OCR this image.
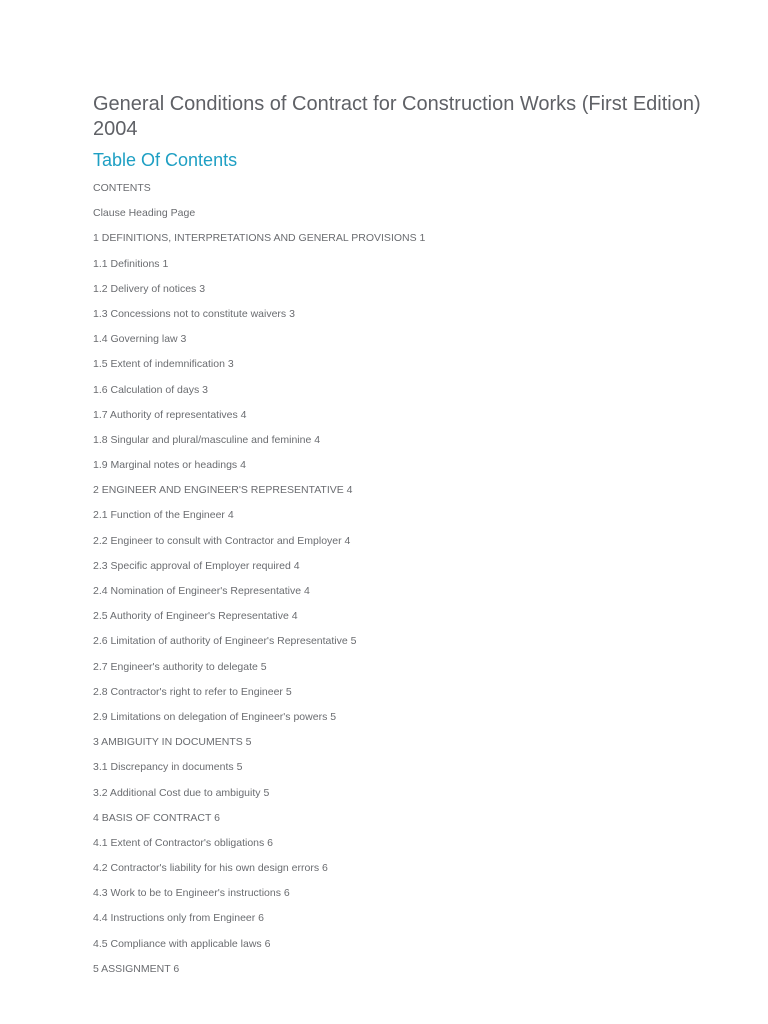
General Conditions of Contract for Construction Works (First Edition) 2004
Table Of Contents
CONTENTS
Clause Heading Page
1 DEFINITIONS, INTERPRETATIONS AND GENERAL PROVISIONS 1
1.1 Definitions 1
1.2 Delivery of notices 3
1.3 Concessions not to constitute waivers 3
1.4 Governing law 3
1.5 Extent of indemnification 3
1.6 Calculation of days 3
1.7 Authority of representatives 4
1.8 Singular and plural/masculine and feminine 4
1.9 Marginal notes or headings 4
2 ENGINEER AND ENGINEER'S REPRESENTATIVE 4
2.1 Function of the Engineer 4
2.2 Engineer to consult with Contractor and Employer 4
2.3 Specific approval of Employer required 4
2.4 Nomination of Engineer's Representative 4
2.5 Authority of Engineer's Representative 4
2.6 Limitation of authority of Engineer's Representative 5
2.7 Engineer's authority to delegate 5
2.8 Contractor's right to refer to Engineer 5
2.9 Limitations on delegation of Engineer's powers 5
3 AMBIGUITY IN DOCUMENTS 5
3.1 Discrepancy in documents 5
3.2 Additional Cost due to ambiguity 5
4 BASIS OF CONTRACT 6
4.1 Extent of Contractor's obligations 6
4.2 Contractor's liability for his own design errors 6
4.3 Work to be to Engineer's instructions 6
4.4 Instructions only from Engineer 6
4.5 Compliance with applicable laws 6
5 ASSIGNMENT 6
